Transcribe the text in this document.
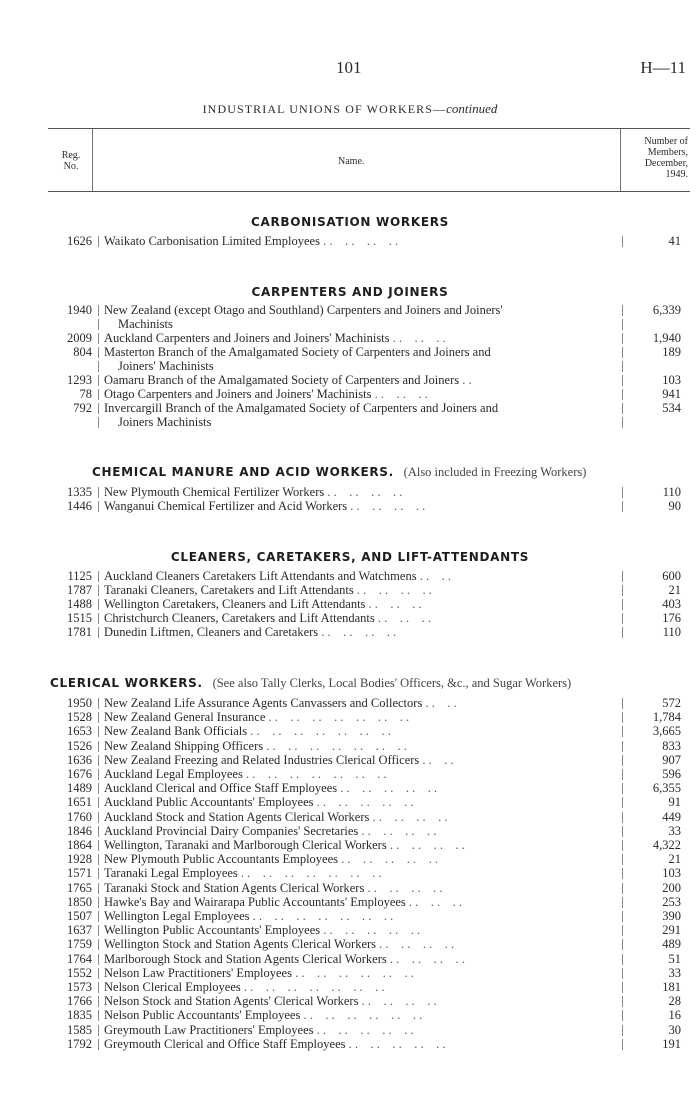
101	H—11
INDUSTRIAL UNIONS OF WORKERS—continued
Reg.
No.	Name.
Number of
Members,
December,
1949.
CARBONISATION WORKERS
1626 Waikato Carbonisation Limited Employees . .    . .    . .    . .	41
CARPENTERS AND JOINERS
1940 New Zealand (except Otago and Southland) Carpenters and Joiners and Joiners'	6,339
Machinists
2009 Auckland Carpenters and Joiners and Joiners' Machinists . .    . .    . .	1,940
804 Masterton Branch of the Amalgamated Society of Carpenters and Joiners and	189
Joiners' Machinists
1293 Oamaru Branch of the Amalgamated Society of Carpenters and Joiners . .	103
78 Otago Carpenters and Joiners and Joiners' Machinists . .    . .    . .	941
792 Invercargill Branch of the Amalgamated Society of Carpenters and Joiners and	534
Joiners Machinists
CHEMICAL MANURE AND ACID WORKERS. (Also included in Freezing Workers)
1335 New Plymouth Chemical Fertilizer Workers . .    . .    . .    . .	110
1446 Wanganui Chemical Fertilizer and Acid Workers . .    . .    . .    . .	90
CLEANERS, CARETAKERS, AND LIFT-ATTENDANTS
1125 Auckland Cleaners Caretakers Lift Attendants and Watchmens . .    . .	600
1787 Taranaki Cleaners, Caretakers and Lift Attendants . .    . .    . .    . .	21
1488 Wellington Caretakers, Cleaners and Lift Attendants . .    . .    . .	403
1515 Christchurch Cleaners, Caretakers and Lift Attendants . .    . .    . .	176
1781 Dunedin Liftmen, Cleaners and Caretakers . .    . .    . .    . .	110
CLERICAL WORKERS. (See also Tally Clerks, Local Bodies' Officers, &c., and Sugar Workers)
1950 New Zealand Life Assurance Agents Canvassers and Collectors . .    . .	572
1528 New Zealand General Insurance . .    . .    . .    . .    . .    . .    . .	1,784
1653 New Zealand Bank Officials . .    . .    . .    . .    . .    . .    . .	3,665
1526 New Zealand Shipping Officers . .    . .    . .    . .    . .    . .    . .	833
1636 New Zealand Freezing and Related Industries Clerical Officers . .    . .	907
1676 Auckland Legal Employees . .    . .    . .    . .    . .    . .    . .	596
1489 Auckland Clerical and Office Staff Employees . .    . .    . .    . .    . .	6,355
1651 Auckland Public Accountants' Employees . .    . .    . .    . .    . .	91
1760 Auckland Stock and Station Agents Clerical Workers . .    . .    . .    . .	449
1846 Auckland Provincial Dairy Companies' Secretaries . .    . .    . .    . .	33
1864 Wellington, Taranaki and Marlborough Clerical Workers . .    . .    . .    . .	4,322
1928 New Plymouth Public Accountants Employees . .    . .    . .    . .    . .	21
1571 Taranaki Legal Employees . .    . .    . .    . .    . .    . .    . .	103
1765 Taranaki Stock and Station Agents Clerical Workers . .    . .    . .    . .	200
1850 Hawke's Bay and Wairarapa Public Accountants' Employees . .    . .    . .	253
1507 Wellington Legal Employees . .    . .    . .    . .    . .    . .    . .	390
1637 Wellington Public Accountants' Employees . .    . .    . .    . .    . .	291
1759 Wellington Stock and Station Agents Clerical Workers . .    . .    . .    . .	489
1764 Marlborough Stock and Station Agents Clerical Workers . .    . .    . .    . .	51
1552 Nelson Law Practitioners' Employees . .    . .    . .    . .    . .    . .	33
1573 Nelson Clerical Employees . .    . .    . .    . .    . .    . .    . .	181
1766 Nelson Stock and Station Agents' Clerical Workers . .    . .    . .    . .	28
1835 Nelson Public Accountants' Employees . .    . .    . .    . .    . .    . .	16
1585 Greymouth Law Practitioners' Employees . .    . .    . .    . .    . .	30
1792 Greymouth Clerical and Office Staff Employees . .    . .    . .    . .    . .	191
